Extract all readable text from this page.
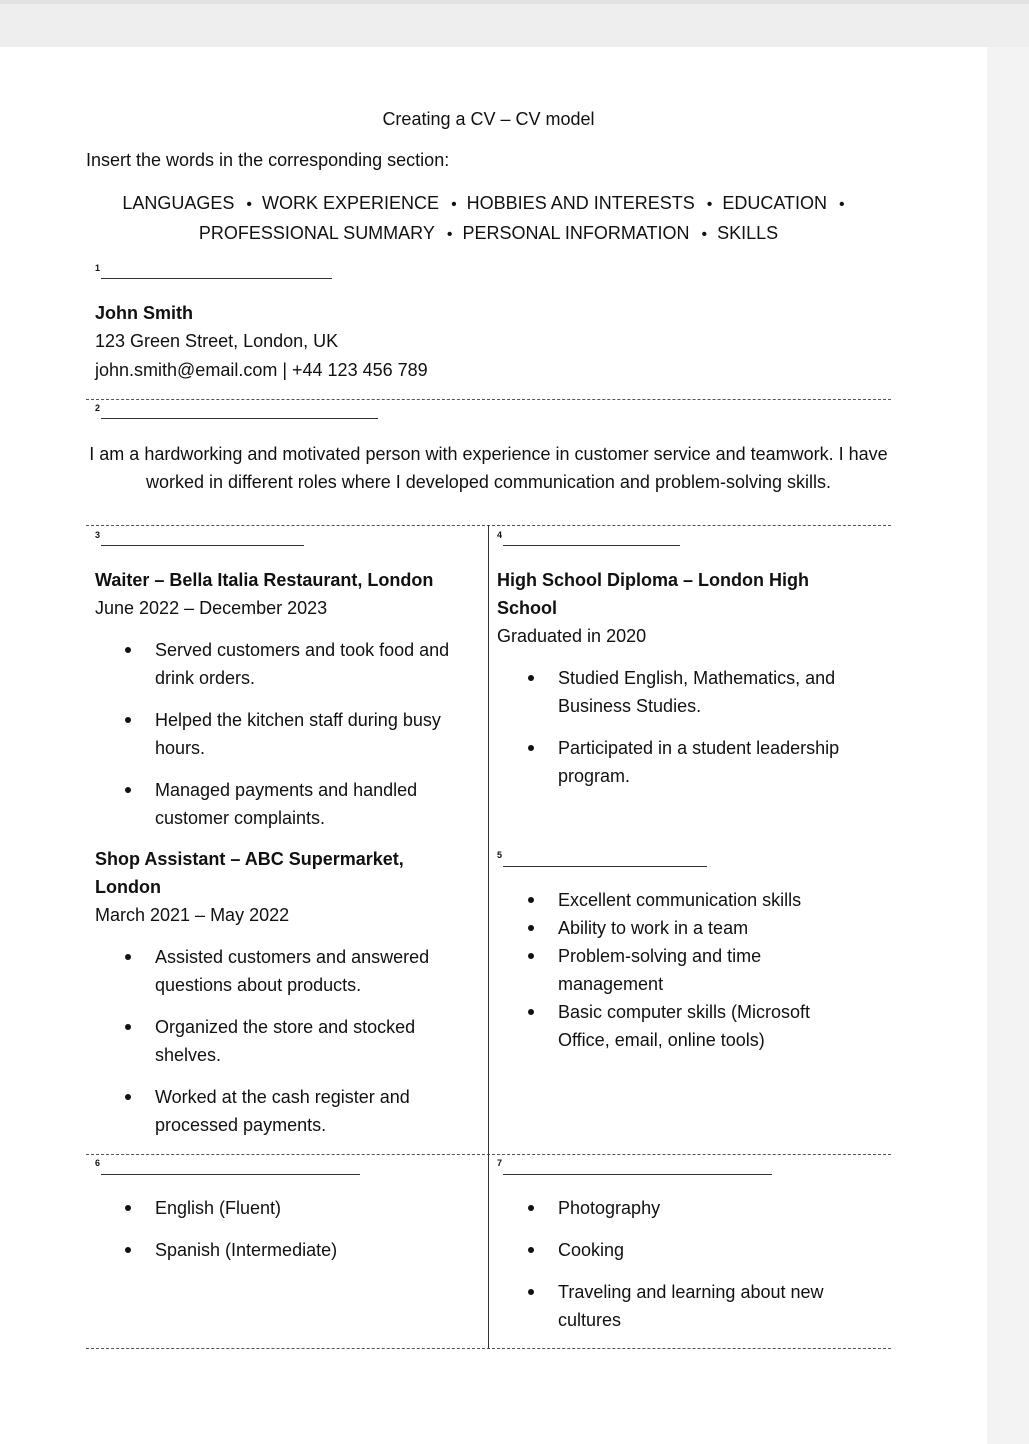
Creating a CV – CV model
Insert the words in the corresponding section:
LANGUAGES • WORK EXPERIENCE • HOBBIES AND INTERESTS • EDUCATION •
PROFESSIONAL SUMMARY • PERSONAL INFORMATION • SKILLS
1
John Smith
123 Green Street, London, UK
john.smith@email.com | +44 123 456 789
2
I am a hardworking and motivated person with experience in customer service and teamwork. I have worked in different roles where I developed communication and problem-solving skills.
3
Waiter – Bella Italia Restaurant, London
June 2022 – December 2023
Served customers and took food and drink orders.
Helped the kitchen staff during busy hours.
Managed payments and handled customer complaints.
Shop Assistant – ABC Supermarket, London
March 2021 – May 2022
Assisted customers and answered questions about products.
Organized the store and stocked shelves.
Worked at the cash register and processed payments.
4
High School Diploma – London High School
Graduated in 2020
Studied English, Mathematics, and Business Studies.
Participated in a student leadership program.
5
Excellent communication skills
Ability to work in a team
Problem-solving and time management
Basic computer skills (Microsoft Office, email, online tools)
6
English (Fluent)
Spanish (Intermediate)
7
Photography
Cooking
Traveling and learning about new cultures
